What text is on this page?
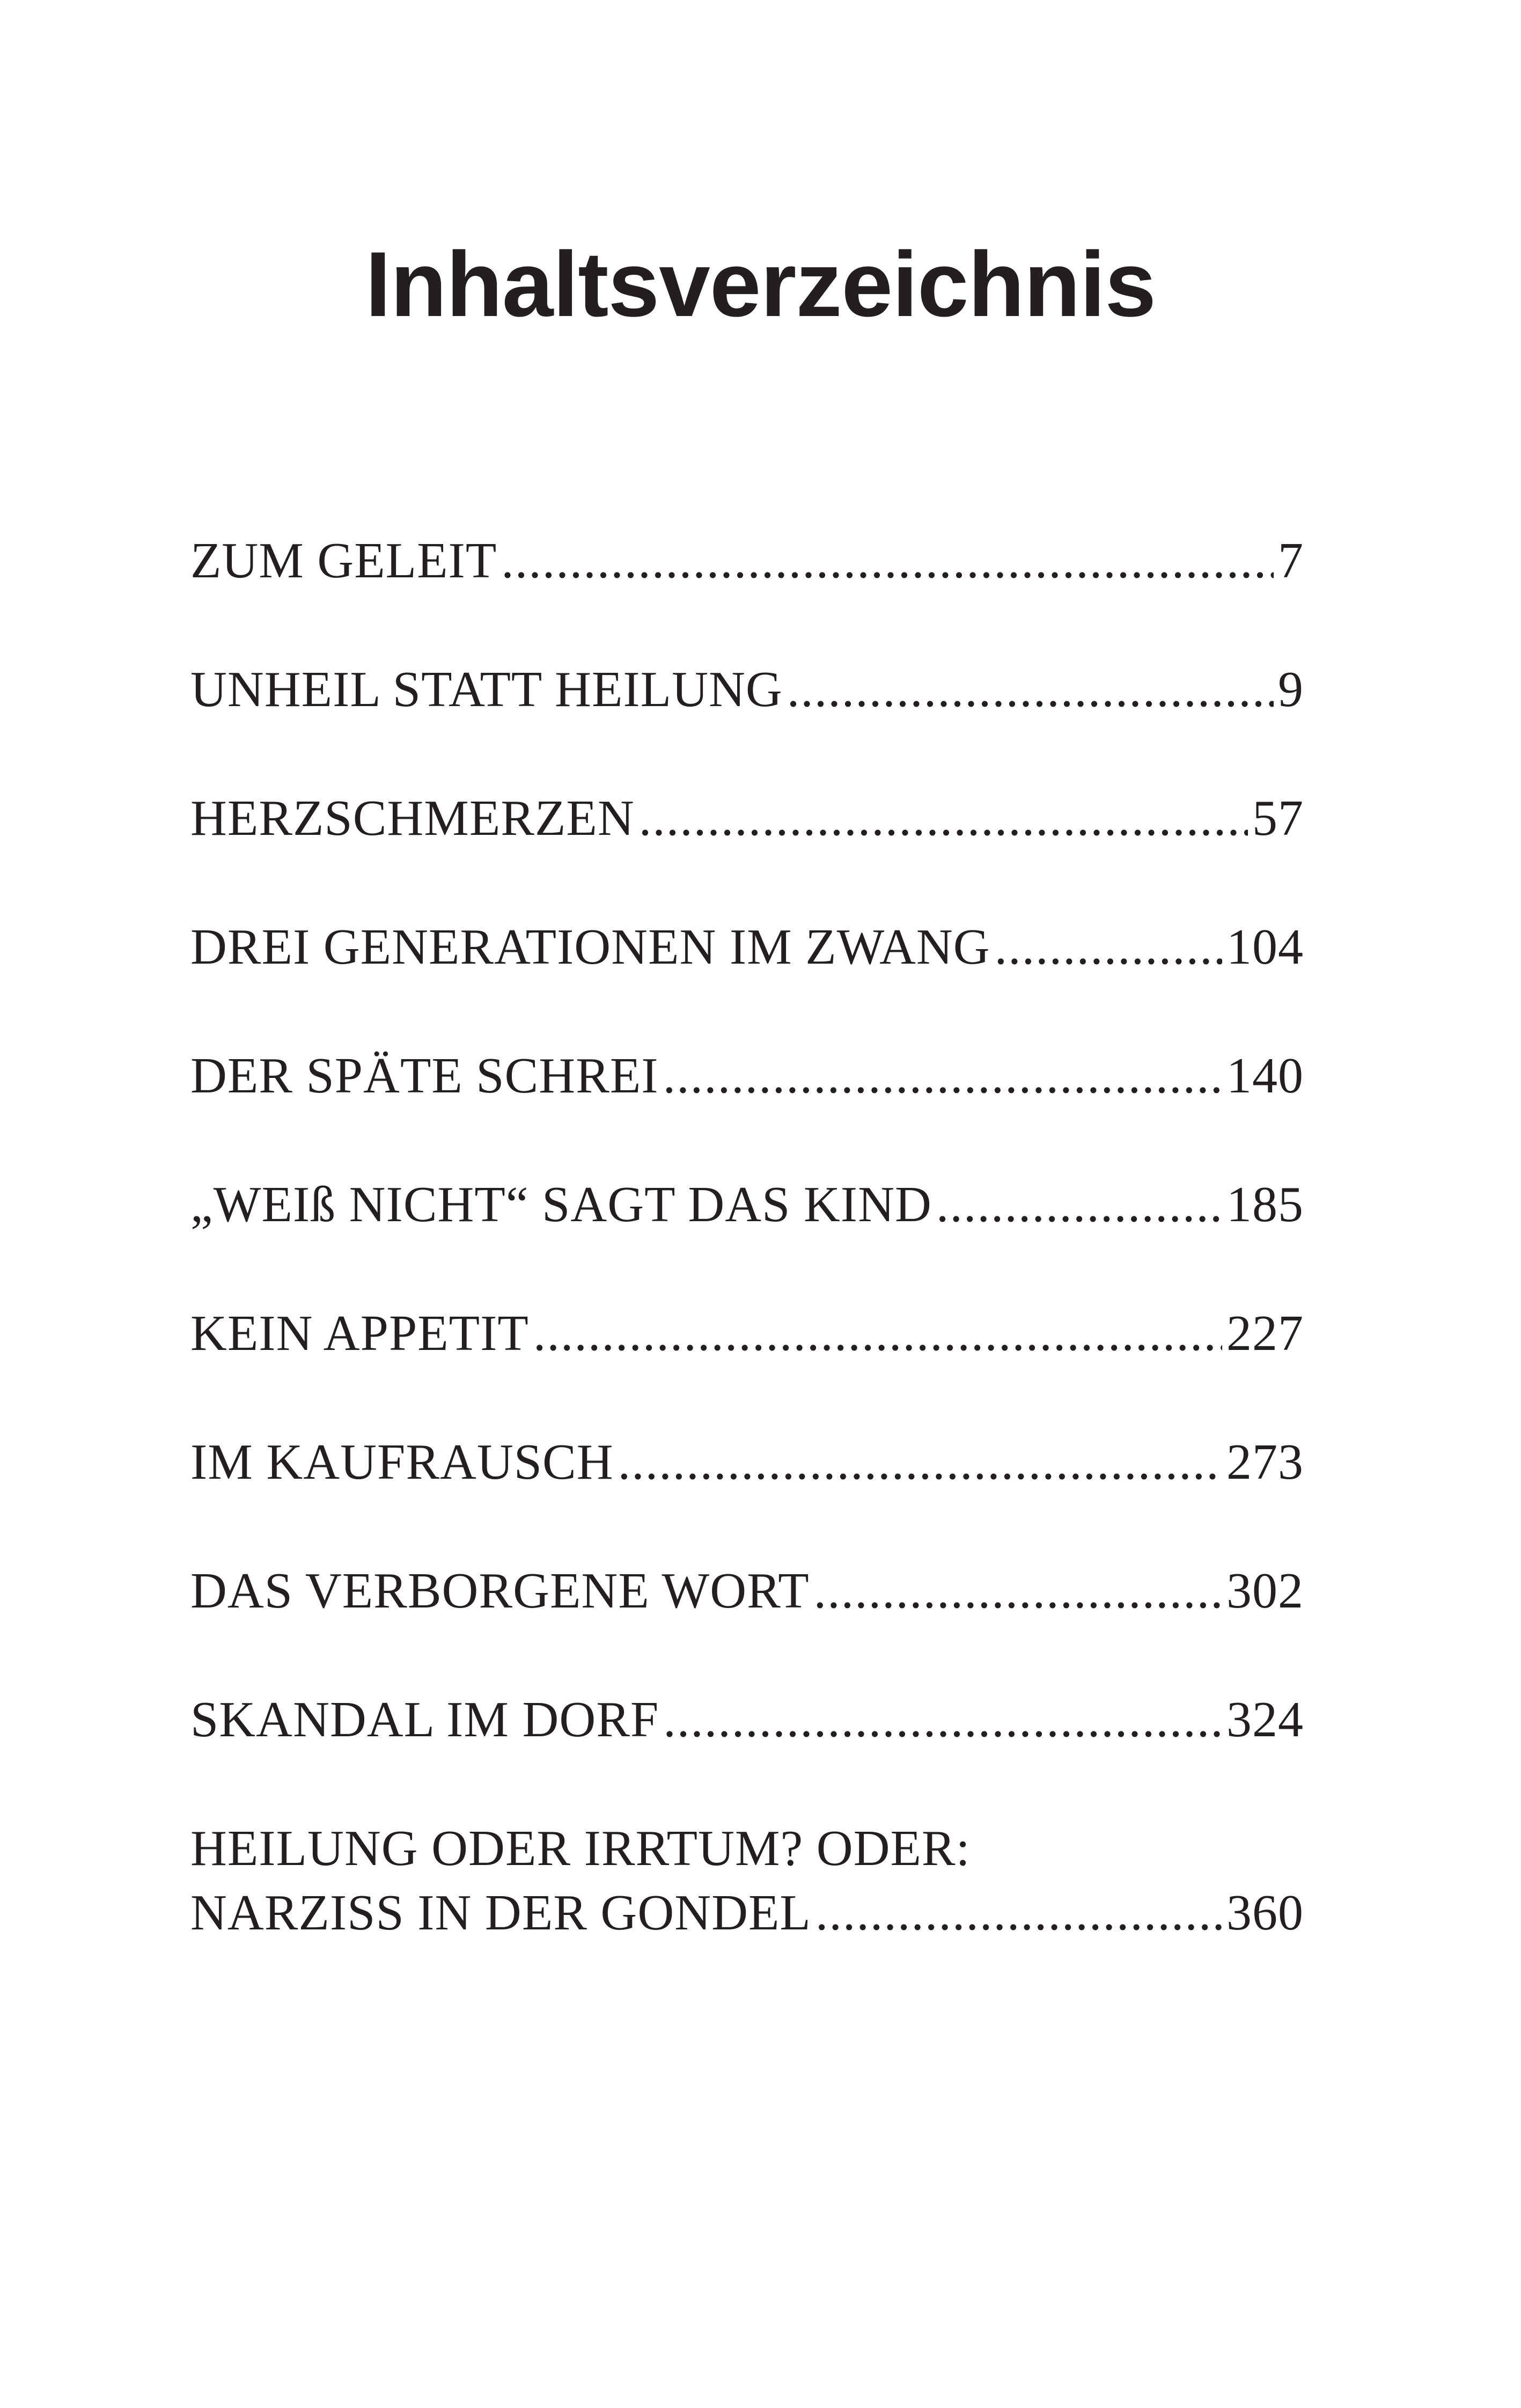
Inhaltsverzeichnis
ZUM GELEIT .....	7
UNHEIL STATT HEILUNG .....	9
HERZSCHMERZEN .....	57
DREI GENERATIONEN IM ZWANG .....	104
DER SPÄTE SCHREI .....	140
„WEIß NICHT“ SAGT DAS KIND .....	185
KEIN APPETIT .....	227
IM KAUFRAUSCH .....	273
DAS VERBORGENE WORT .....	302
SKANDAL IM DORF .....	324
HEILUNG ODER IRRTUM? ODER:
NARZISS IN DER GONDEL .....	360
